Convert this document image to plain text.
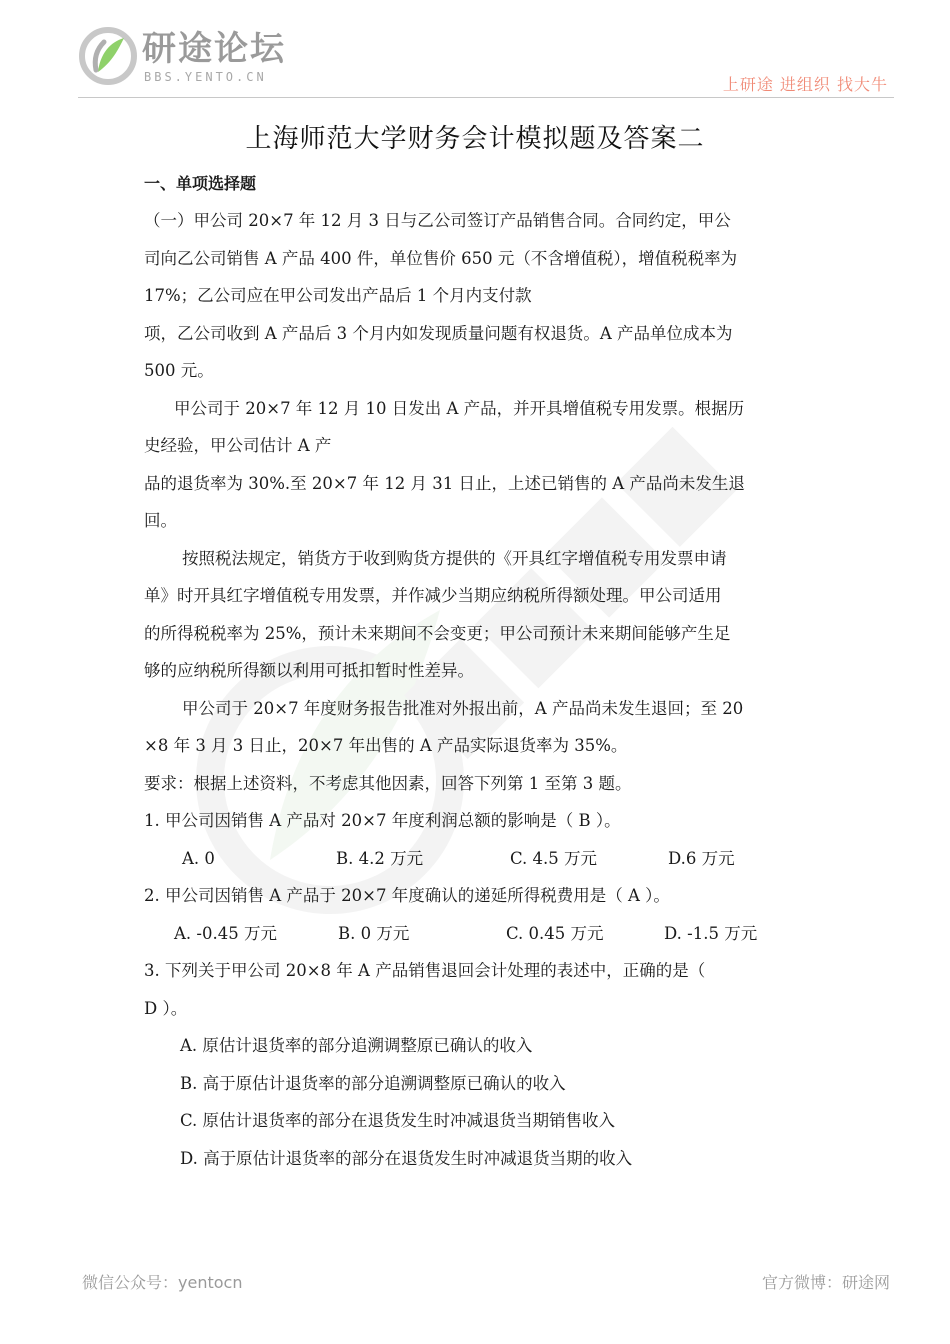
研途论坛
BBS.YENTO.CN	上研途 进组织 找大牛
上海师范大学财务会计模拟题及答案二
一、单项选择题
（一）甲公司 20×7 年 12 月 3 日与乙公司签订产品销售合同。合同约定，甲公
司向乙公司销售 A 产品 400 件，单位售价 650 元（不含增值税），增值税税率为
17%；乙公司应在甲公司发出产品后 1 个月内支付款
项，乙公司收到 A 产品后 3 个月内如发现质量问题有权退货。A 产品单位成本为
500 元。
甲公司于 20×7 年 12 月 10 日发出 A 产品，并开具增值税专用发票。根据历
史经验，甲公司估计 A 产
品的退货率为 30%.至 20×7 年 12 月 31 日止，上述已销售的 A 产品尚未发生退
回。
按照税法规定，销货方于收到购货方提供的《开具红字增值税专用发票申请
单》时开具红字增值税专用发票，并作减少当期应纳税所得额处理。甲公司适用
的所得税税率为 25%，预计未来期间不会变更；甲公司预计未来期间能够产生足
够的应纳税所得额以利用可抵扣暂时性差异。
甲公司于 20×7 年度财务报告批准对外报出前，A 产品尚未发生退回；至 20
×8 年 3 月 3 日止，20×7 年出售的 A 产品实际退货率为 35%。
要求：根据上述资料，不考虑其他因素，回答下列第 1 至第 3 题。
1. 甲公司因销售 A 产品对 20×7 年度利润总额的影响是（ B ）。
A. 0	B. 4.2 万元	C. 4.5 万元	D.6 万元
2. 甲公司因销售 A 产品于 20×7 年度确认的递延所得税费用是（ A ）。
A. -0.45 万元	B. 0 万元	C. 0.45 万元	D. -1.5 万元
3. 下列关于甲公司 20×8 年 A 产品销售退回会计处理的表述中，正确的是（
D ）。
A. 原估计退货率的部分追溯调整原已确认的收入
B. 高于原估计退货率的部分追溯调整原已确认的收入
C. 原估计退货率的部分在退货发生时冲减退货当期销售收入
D. 高于原估计退货率的部分在退货发生时冲减退货当期的收入
微信公众号：yentocn	官方微博：研途网
